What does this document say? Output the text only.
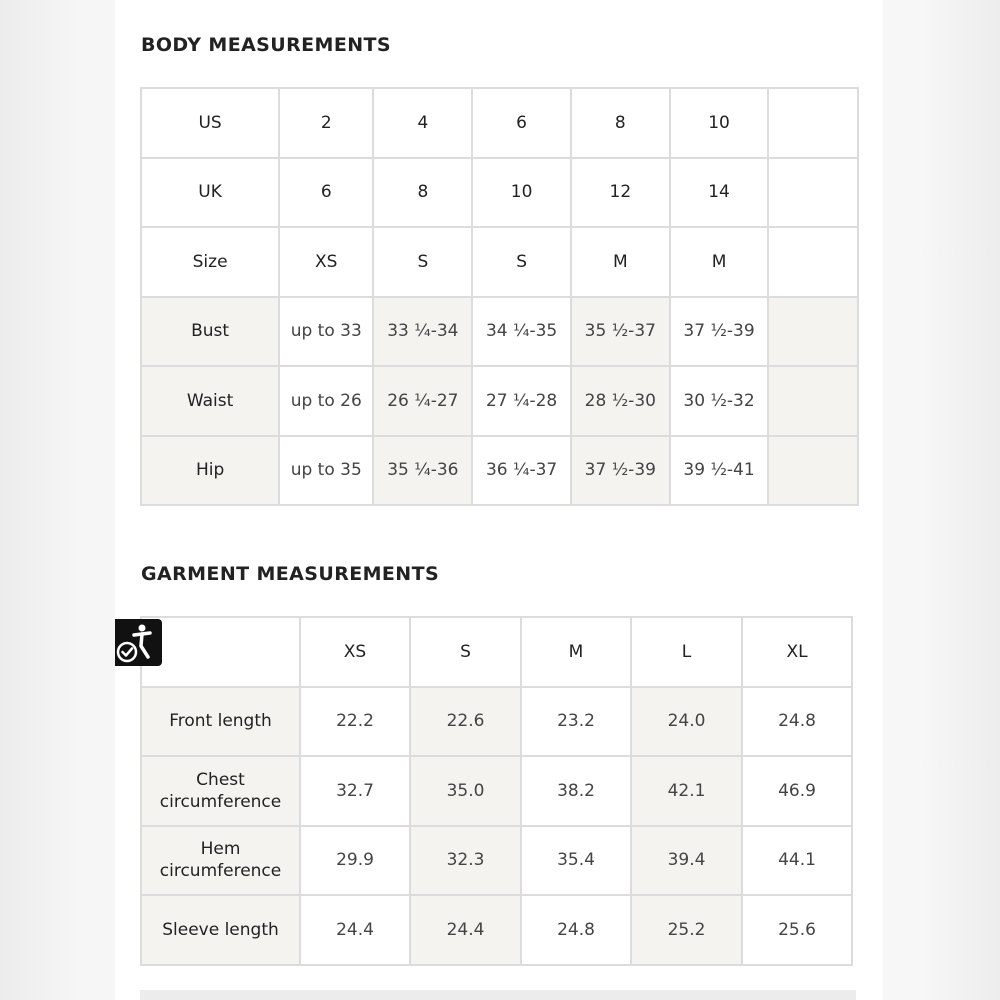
BODY MEASUREMENTS
US	2	4	6	8	10	
UK	6	8	10	12	14	
Size	XS	S	S	M	M	
Bust	up to 33	33 ¼-34	34 ¼-35	35 ½-37	37 ½-39	
Waist	up to 26	26 ¼-27	27 ¼-28	28 ½-30	30 ½-32	
Hip	up to 35	35 ¼-36	36 ¼-37	37 ½-39	39 ½-41	
GARMENT MEASUREMENTS
	XS	S	M	L	XL
Front length	22.2	22.6	23.2	24.0	24.8
Chest circumference	32.7	35.0	38.2	42.1	46.9
Hem circumference	29.9	32.3	35.4	39.4	44.1
Sleeve length	24.4	24.4	24.8	25.2	25.6
